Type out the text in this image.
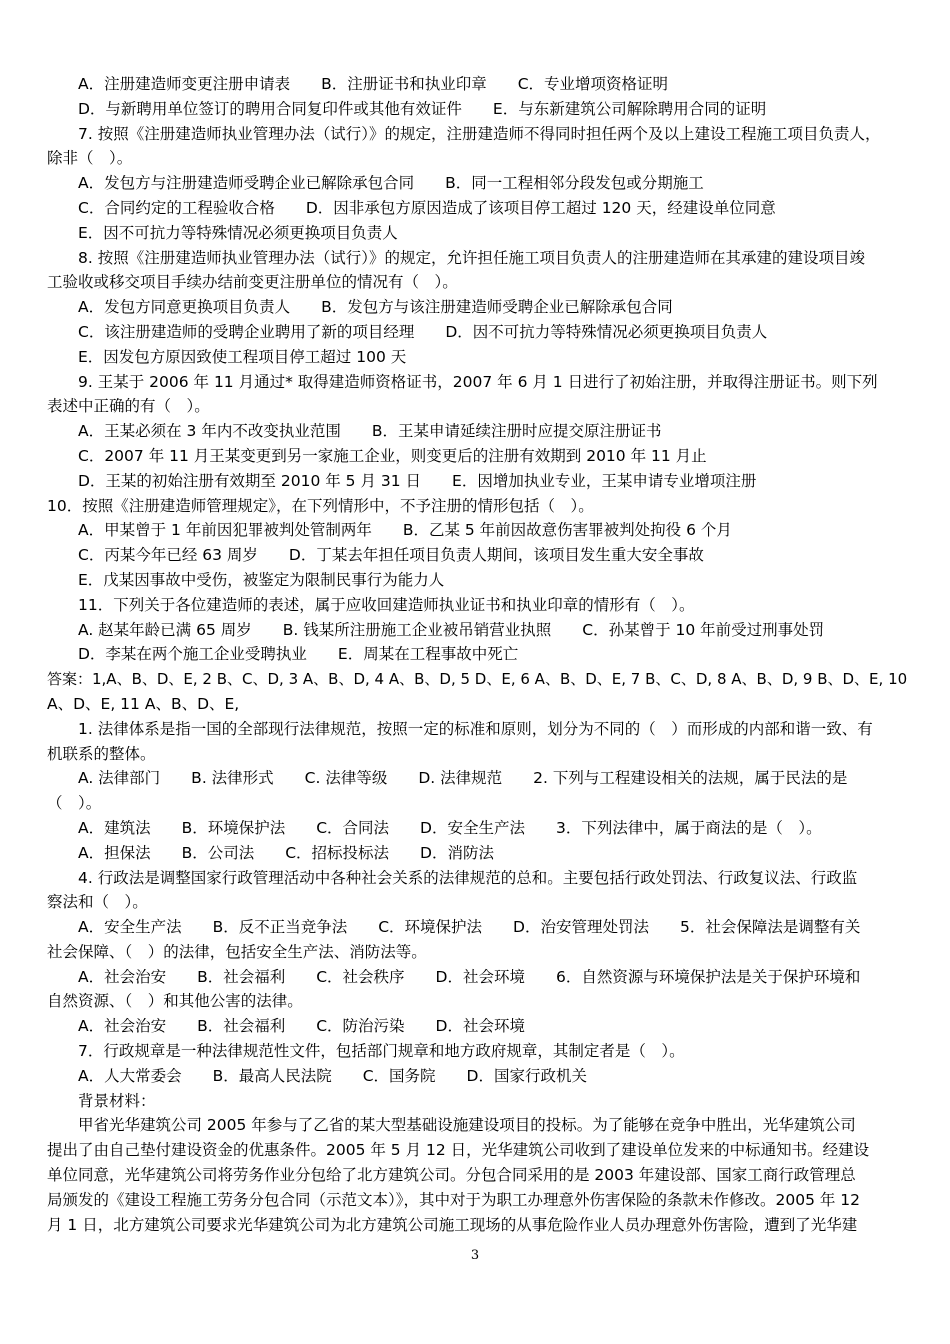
A．注册建造师变更注册申请表　　B．注册证书和执业印章　　C．专业增项资格证明
D．与新聘用单位签订的聘用合同复印件或其他有效证件　　E．与东新建筑公司解除聘用合同的证明
7. 按照《注册建造师执业管理办法（试行）》的规定，注册建造师不得同时担任两个及以上建设工程施工项目负责人，
除非（　）。
A．发包方与注册建造师受聘企业已解除承包合同　　B．同一工程相邻分段发包或分期施工
C．合同约定的工程验收合格　　D．因非承包方原因造成了该项目停工超过 120 天，经建设单位同意
E．因不可抗力等特殊情况必须更换项目负责人
8. 按照《注册建造师执业管理办法（试行）》的规定，允许担任施工项目负责人的注册建造师在其承建的建设项目竣
工验收或移交项目手续办结前变更注册单位的情况有（　）。
A．发包方同意更换项目负责人　　B．发包方与该注册建造师受聘企业已解除承包合同
C．该注册建造师的受聘企业聘用了新的项目经理　　D．因不可抗力等特殊情况必须更换项目负责人
E．因发包方原因致使工程项目停工超过 100 天
9. 王某于 2006 年 11 月通过* 取得建造师资格证书，2007 年 6 月 1 日进行了初始注册，并取得注册证书。则下列
表述中正确的有（　）。
A．王某必须在 3 年内不改变执业范围　　B．王某申请延续注册时应提交原注册证书
C．2007 年 11 月王某变更到另一家施工企业，则变更后的注册有效期到 2010 年 11 月止
D．王某的初始注册有效期至 2010 年 5 月 31 日　　E．因增加执业专业，王某申请专业增项注册
10．按照《注册建造师管理规定》，在下列情形中，不予注册的情形包括（　）。
A．甲某曾于 1 年前因犯罪被判处管制两年　　B．乙某 5 年前因故意伤害罪被判处拘役 6 个月
C．丙某今年已经 63 周岁　　D．丁某去年担任项目负责人期间，该项目发生重大安全事故
E．戊某因事故中受伤，被鉴定为限制民事行为能力人
11．下列关于各位建造师的表述，属于应收回建造师执业证书和执业印章的情形有（　）。
A. 赵某年龄已满 65 周岁　　B. 钱某所注册施工企业被吊销营业执照　　C．孙某曾于 10 年前受过刑事处罚
D．李某在两个施工企业受聘执业　　E．周某在工程事故中死亡
答案：1,A、B、D、E, 2 B、C、D, 3 A、B、D, 4 A、B、D, 5 D、E, 6 A、B、D、E, 7 B、C、D, 8 A、B、D, 9 B、D、E, 10
A、D、E, 11 A、B、D、E,
1. 法律体系是指一国的全部现行法律规范，按照一定的标准和原则，划分为不同的（　）而形成的内部和谐一致、有
机联系的整体。
A. 法律部门　　B. 法律形式　　C. 法律等级　　D. 法律规范　　2. 下列与工程建设相关的法规，属于民法的是
（　）。
A．建筑法　　B．环境保护法　　C．合同法　　D．安全生产法　　3．下列法律中，属于商法的是（　）。
A．担保法　　B．公司法　　C．招标投标法　　D．消防法
4. 行政法是调整国家行政管理活动中各种社会关系的法律规范的总和。主要包括行政处罚法、行政复议法、行政监
察法和（　）。
A．安全生产法　　B．反不正当竞争法　　C．环境保护法　　D．治安管理处罚法　　5．社会保障法是调整有关
社会保障、（　）的法律，包括安全生产法、消防法等。
A．社会治安　　B．社会福利　　C．社会秩序　　D．社会环境　　6．自然资源与环境保护法是关于保护环境和
自然资源、（　）和其他公害的法律。
A．社会治安　　B．社会福利　　C．防治污染　　D．社会环境
7．行政规章是一种法律规范性文件，包括部门规章和地方政府规章，其制定者是（　）。
A．人大常委会　　B．最高人民法院　　C．国务院　　D．国家行政机关
背景材料：
甲省光华建筑公司 2005 年参与了乙省的某大型基础设施建设项目的投标。为了能够在竞争中胜出，光华建筑公司
提出了由自己垫付建设资金的优惠条件。2005 年 5 月 12 日，光华建筑公司收到了建设单位发来的中标通知书。经建设
单位同意，光华建筑公司将劳务作业分包给了北方建筑公司。分包合同采用的是 2003 年建设部、国家工商行政管理总
局颁发的《建设工程施工劳务分包合同（示范文本）》，其中对于为职工办理意外伤害保险的条款未作修改。2005 年 12
月 1 日，北方建筑公司要求光华建筑公司为北方建筑公司施工现场的从事危险作业人员办理意外伤害险，遭到了光华建
3
